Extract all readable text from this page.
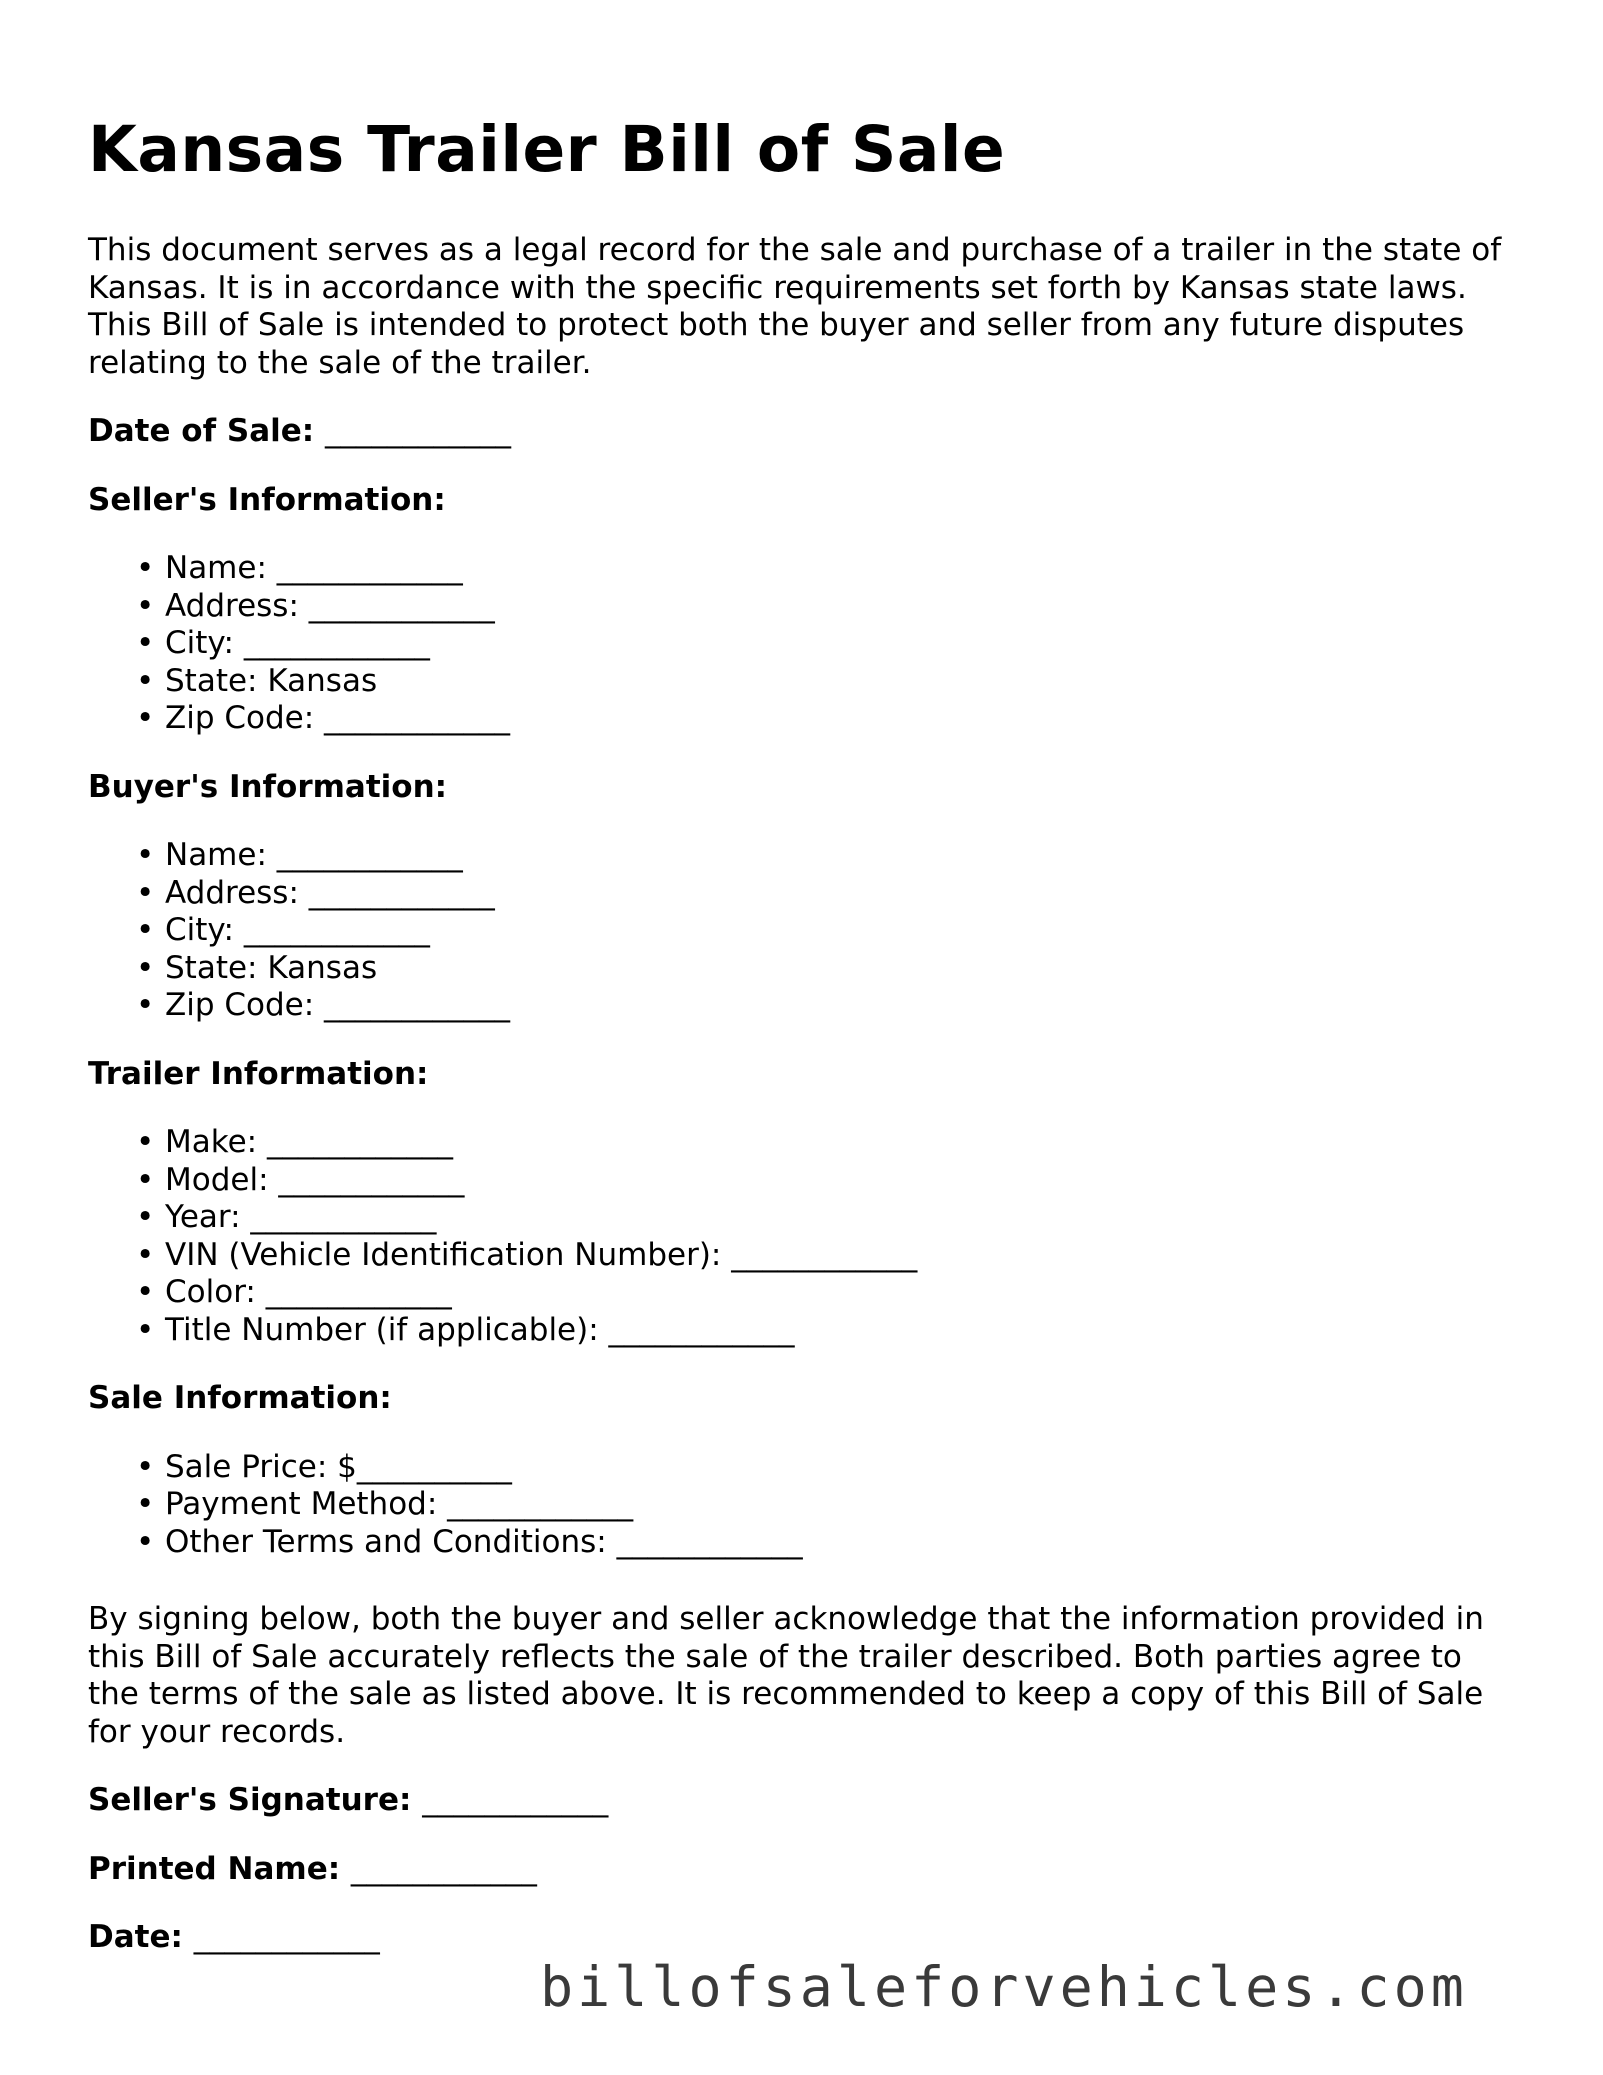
Kansas Trailer Bill of Sale

This document serves as a legal record for the sale and purchase of a trailer in the state of Kansas. It is in accordance with the specific requirements set forth by Kansas state laws. This Bill of Sale is intended to protect both the buyer and seller from any future disputes relating to the sale of the trailer.

Date of Sale: ____________

Seller's Information:

• Name: ____________
• Address: ____________
• City: ____________
• State: Kansas
• Zip Code: ____________

Buyer's Information:

• Name: ____________
• Address: ____________
• City: ____________
• State: Kansas
• Zip Code: ____________

Trailer Information:

• Make: ____________
• Model: ____________
• Year: ____________
• VIN (Vehicle Identification Number): ____________
• Color: ____________
• Title Number (if applicable): ____________

Sale Information:

• Sale Price: $__________
• Payment Method: ____________
• Other Terms and Conditions: ____________

By signing below, both the buyer and seller acknowledge that the information provided in this Bill of Sale accurately reflects the sale of the trailer described. Both parties agree to the terms of the sale as listed above. It is recommended to keep a copy of this Bill of Sale for your records.

Seller's Signature: ____________

Printed Name: ____________

Date: ____________

billofsaleforvehicles.com
